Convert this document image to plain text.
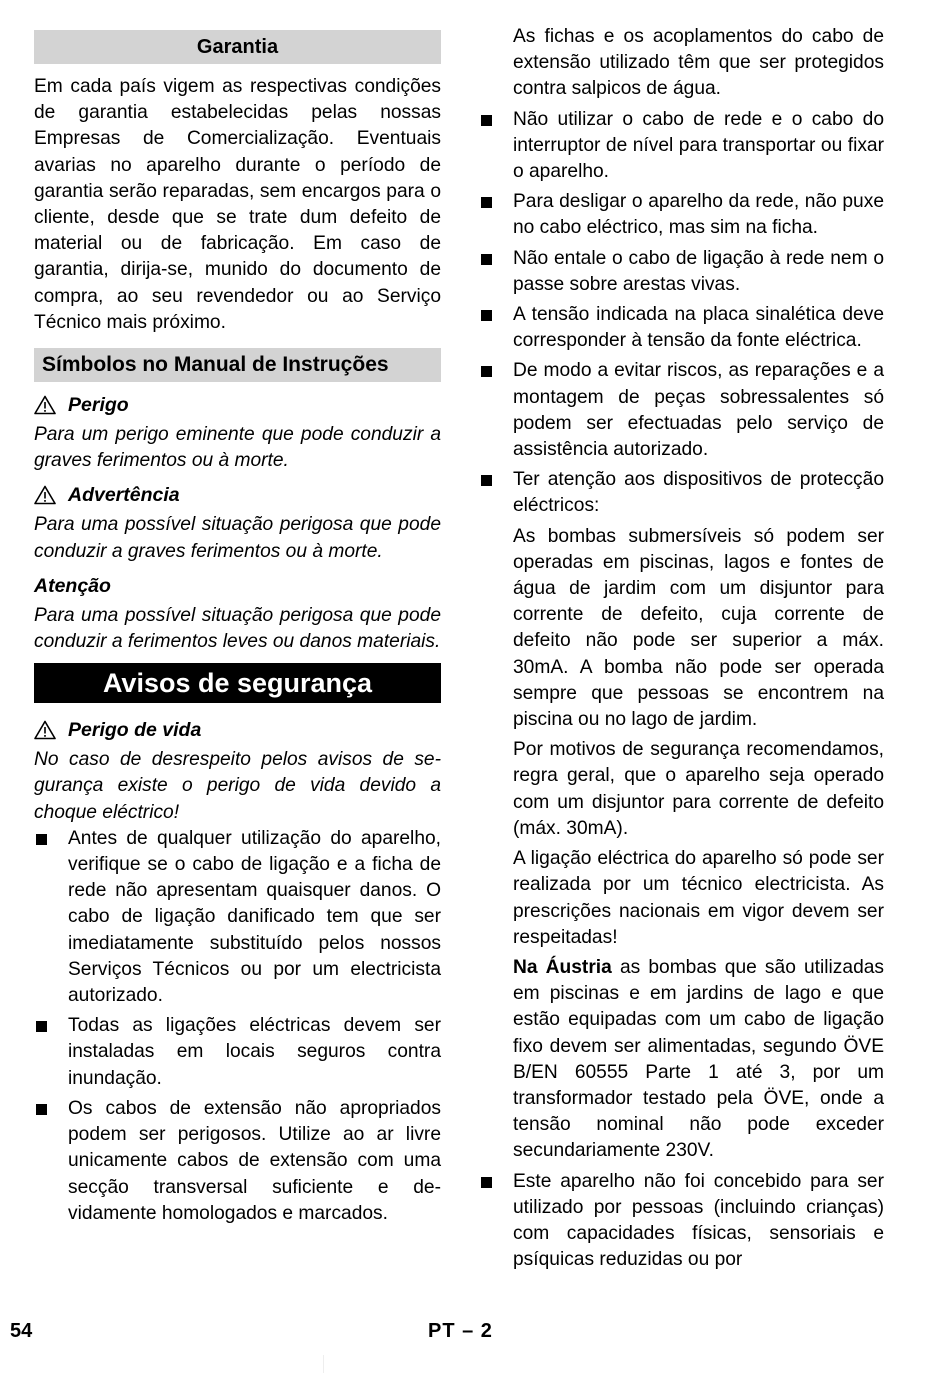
Garantia

Em cada país vigem as respectivas condições de garantia estabelecidas pelas nossas Empresas de Comercialização. Eventuais avarias no aparelho durante o período de garantia serão reparadas, sem encargos para o cliente, desde que se trate dum defeito de material ou de fabricação. Em caso de garantia, dirija-se, munido do documento de compra, ao seu revendedor ou ao Serviço Técnico mais próximo.

Símbolos no Manual de Instruções
Perigo

Para um perigo eminente que pode conduzir a graves ferimentos ou à morte.

Advertência

Para uma possível situação perigosa que pode conduzir a graves ferimentos ou à morte.

Atenção

Para uma possível situação perigosa que pode conduzir a ferimentos leves ou danos materiais.

Avisos de segurança
Perigo de vida

No caso de desrespeito pelos avisos de segurança existe o perigo de vida devido a choque eléctrico!

Antes de qualquer utilização do aparelho, verifique se o cabo de ligação e a ficha de rede não apresentam quaisquer danos. O cabo de ligação danificado tem que ser imediatamente substituído pelos nossos Serviços Técnicos ou por um electricista autorizado.

Todas as ligações eléctricas devem ser instaladas em locais seguros contra inundação.

Os cabos de extensão não apropriados podem ser perigosos. Utilize ao ar livre unicamente cabos de extensão com uma secção transversal suficiente e devidamente homologados e marcados.

As fichas e os acoplamentos do cabo de extensão utilizado têm que ser protegidos contra salpicos de água.

Não utilizar o cabo de rede e o cabo do interruptor de nível para transportar ou fixar o aparelho.

Para desligar o aparelho da rede, não puxe no cabo eléctrico, mas sim na ficha.

Não entale o cabo de ligação à rede nem o passe sobre arestas vivas.

A tensão indicada na placa sinalética deve corresponder à tensão da fonte eléctrica.

De modo a evitar riscos, as reparações e a montagem de peças sobressalentes só podem ser efectuadas pelo serviço de assistência autorizado.

Ter atenção aos dispositivos de protecção eléctricos:

As bombas submersíveis só podem ser operadas em piscinas, lagos e fontes de água de jardim com um disjuntor para corrente de defeito, cuja corrente de defeito não pode ser superior a máx. 30mA. A bomba não pode ser operada sempre que pessoas se encontrem na piscina ou no lago de jardim.

Por motivos de segurança recomendamos, regra geral, que o aparelho seja operado com um disjuntor para corrente de defeito (máx. 30mA).

A ligação eléctrica do aparelho só pode ser realizada por um técnico electricista. As prescrições nacionais em vigor devem ser respeitadas!

Na Áustria as bombas que são utilizadas em piscinas e em jardins de lago e que estão equipadas com um cabo de ligação fixo devem ser alimentadas, segundo ÖVE B/EN 60555 Parte 1 até 3, por um transformador testado pela ÖVE, onde a tensão nominal não pode exceder secundariamente 230V.

Este aparelho não foi concebido para ser utilizado por pessoas (incluindo crianças) com capacidades físicas, sensoriais e psíquicas reduzidas ou por

54	PT – 2
